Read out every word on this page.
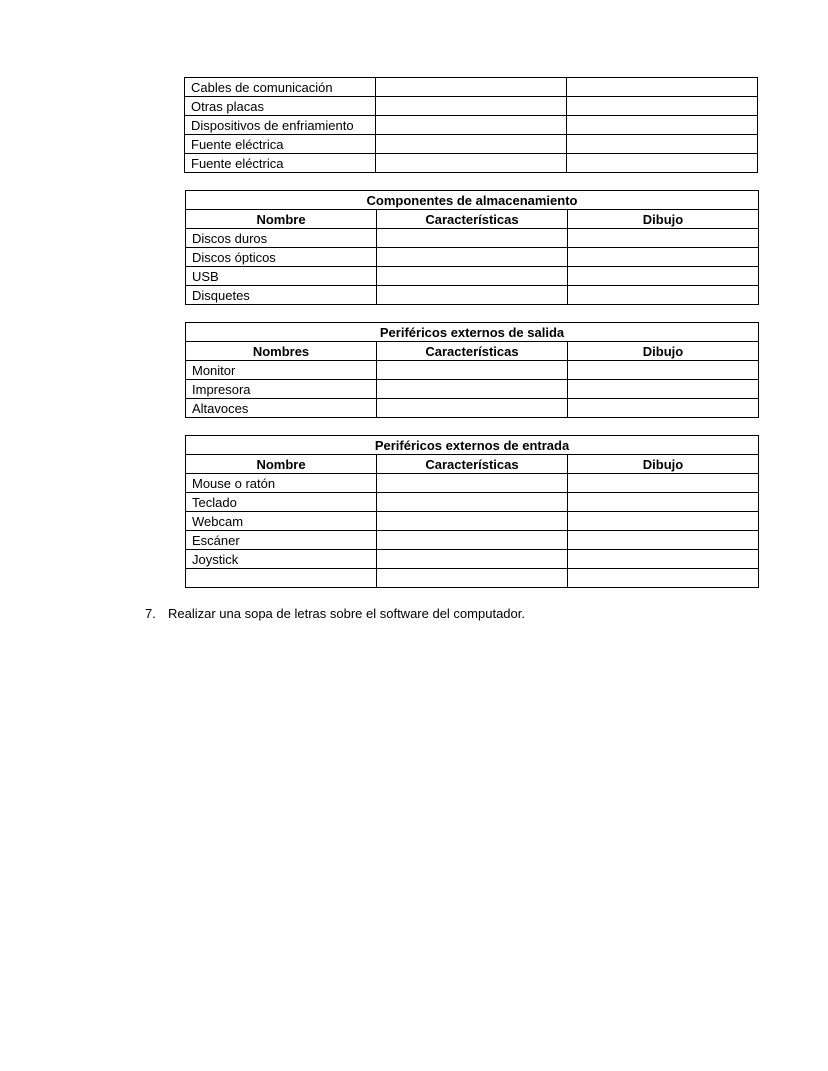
Cables de comunicación		
Otras placas		
Dispositivos de enfriamiento		
Fuente eléctrica		
Fuente eléctrica		
Componentes de almacenamiento		
Nombre	Características	Dibujo
Discos duros		
Discos ópticos		
USB		
Disquetes		
Periféricos externos de salida		
Nombres	Características	Dibujo
Monitor		
Impresora		
Altavoces		
Periféricos externos de entrada		
Nombre	Características	Dibujo
Mouse o ratón		
Teclado		
Webcam		
Escáner		
Joystick		

7. Realizar una sopa de letras sobre el software del computador.
